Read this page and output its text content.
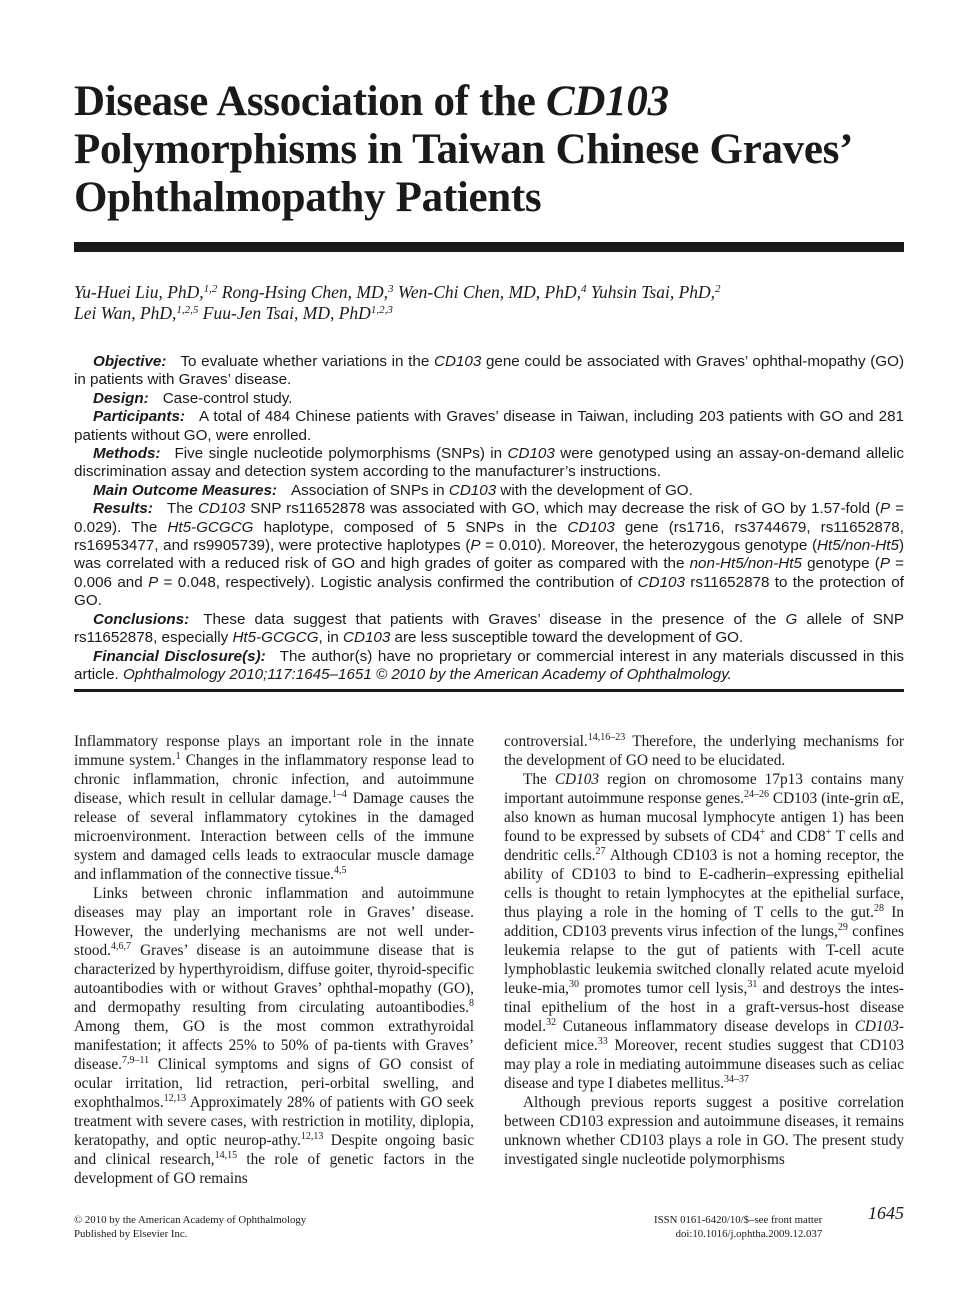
Disease Association of the CD103
Polymorphisms in Taiwan Chinese Graves’
Ophthalmopathy Patients
Yu-Huei Liu, PhD,$^{1,2}$ Rong-Hsing Chen, MD,$^3$ Wen-Chi Chen, MD, PhD,$^4$ Yuhsin Tsai, PhD,$^2$
Lei Wan, PhD,$^{1,2,5}$ Fuu-Jen Tsai, MD, PhD$^{1,2,3}$

Objective: To evaluate whether variations in the CD103 gene could be associated with Graves’ ophthal-mopathy (GO) in patients with Graves’ disease.

Design: Case-control study.

Participants: A total of 484 Chinese patients with Graves’ disease in Taiwan, including 203 patients with GO and 281 patients without GO, were enrolled.

Methods: Five single nucleotide polymorphisms (SNPs) in CD103 were genotyped using an assay-on-demand allelic discrimination assay and detection system according to the manufacturer’s instructions.

Main Outcome Measures: Association of SNPs in CD103 with the development of GO.

Results: The CD103 SNP rs11652878 was associated with GO, which may decrease the risk of GO by 1.57-fold (P = 0.029). The Ht5-GCGCG haplotype, composed of 5 SNPs in the CD103 gene (rs1716, rs3744679, rs11652878, rs16953477, and rs9905739), were protective haplotypes (P = 0.010). Moreover, the heterozygous genotype (Ht5/non-Ht5) was correlated with a reduced risk of GO and high grades of goiter as compared with the non-Ht5/non-Ht5 genotype (P = 0.006 and P = 0.048, respectively). Logistic analysis confirmed the contribution of CD103 rs11652878 to the protection of GO.

Conclusions: These data suggest that patients with Graves’ disease in the presence of the G allele of SNP rs11652878, especially Ht5-GCGCG, in CD103 are less susceptible toward the development of GO.

Financial Disclosure(s): The author(s) have no proprietary or commercial interest in any materials discussed in this article. Ophthalmology 2010;117:1645–1651 © 2010 by the American Academy of Ophthalmology.

Inflammatory response plays an important role in the innate immune system.$^1$ Changes in the inflammatory response lead to chronic inflammation, chronic infection, and autoimmune disease, which result in cellular damage.$^{1-4}$ Damage causes the release of several inflammatory cytokines in the damaged microenvironment. Interaction between cells of the immune system and damaged cells leads to extraocular muscle damage and inflammation of the connective tissue.$^{4,5}$

Links between chronic inflammation and autoimmune diseases may play an important role in Graves’ disease. However, the underlying mechanisms are not well under-stood.$^{4,6,7}$ Graves’ disease is an autoimmune disease that is characterized by hyperthyroidism, diffuse goiter, thyroid-specific autoantibodies with or without Graves’ ophthal-mopathy (GO), and dermopathy resulting from circulating autoantibodies.$^8$ Among them, GO is the most common extrathyroidal manifestation; it affects 25% to 50% of pa-tients with Graves’ disease.$^{7,9-11}$ Clinical symptoms and signs of GO consist of ocular irritation, lid retraction, peri-orbital swelling, and exophthalmos.$^{12,13}$ Approximately 28% of patients with GO seek treatment with severe cases, with restriction in motility, diplopia, keratopathy, and optic neurop-athy.$^{12,13}$ Despite ongoing basic and clinical research,$^{14,15}$ the role of genetic factors in the development of GO remains

controversial.$^{14,16-23}$ Therefore, the underlying mechanisms for the development of GO need to be elucidated.

The CD103 region on chromosome 17p13 contains many important autoimmune response genes.$^{24-26}$ CD103 (inte-grin αE, also known as human mucosal lymphocyte antigen 1) has been found to be expressed by subsets of CD4+ and CD8+ T cells and dendritic cells.$^{27}$ Although CD103 is not a homing receptor, the ability of CD103 to bind to E-cadherin–expressing epithelial cells is thought to retain lymphocytes at the epithelial surface, thus playing a role in the homing of T cells to the gut.$^{28}$ In addition, CD103 prevents virus infection of the lungs,$^{29}$ confines leukemia relapse to the gut of patients with T-cell acute lymphoblastic leukemia switched clonally related acute myeloid leuke-mia,$^{30}$ promotes tumor cell lysis,$^{31}$ and destroys the intes-tinal epithelium of the host in a graft-versus-host disease model.$^{32}$ Cutaneous inflammatory disease develops in CD103-deficient mice.$^{33}$ Moreover, recent studies suggest that CD103 may play a role in mediating autoimmune diseases such as celiac disease and type I diabetes mellitus.$^{34-37}$

Although previous reports suggest a positive correlation between CD103 expression and autoimmune diseases, it remains unknown whether CD103 plays a role in GO. The present study investigated single nucleotide polymorphisms

© 2010 by the American Academy of Ophthalmology
Published by Elsevier Inc.
ISSN 0161-6420/10/$–see front matter
doi:10.1016/j.ophtha.2009.12.037
1645
